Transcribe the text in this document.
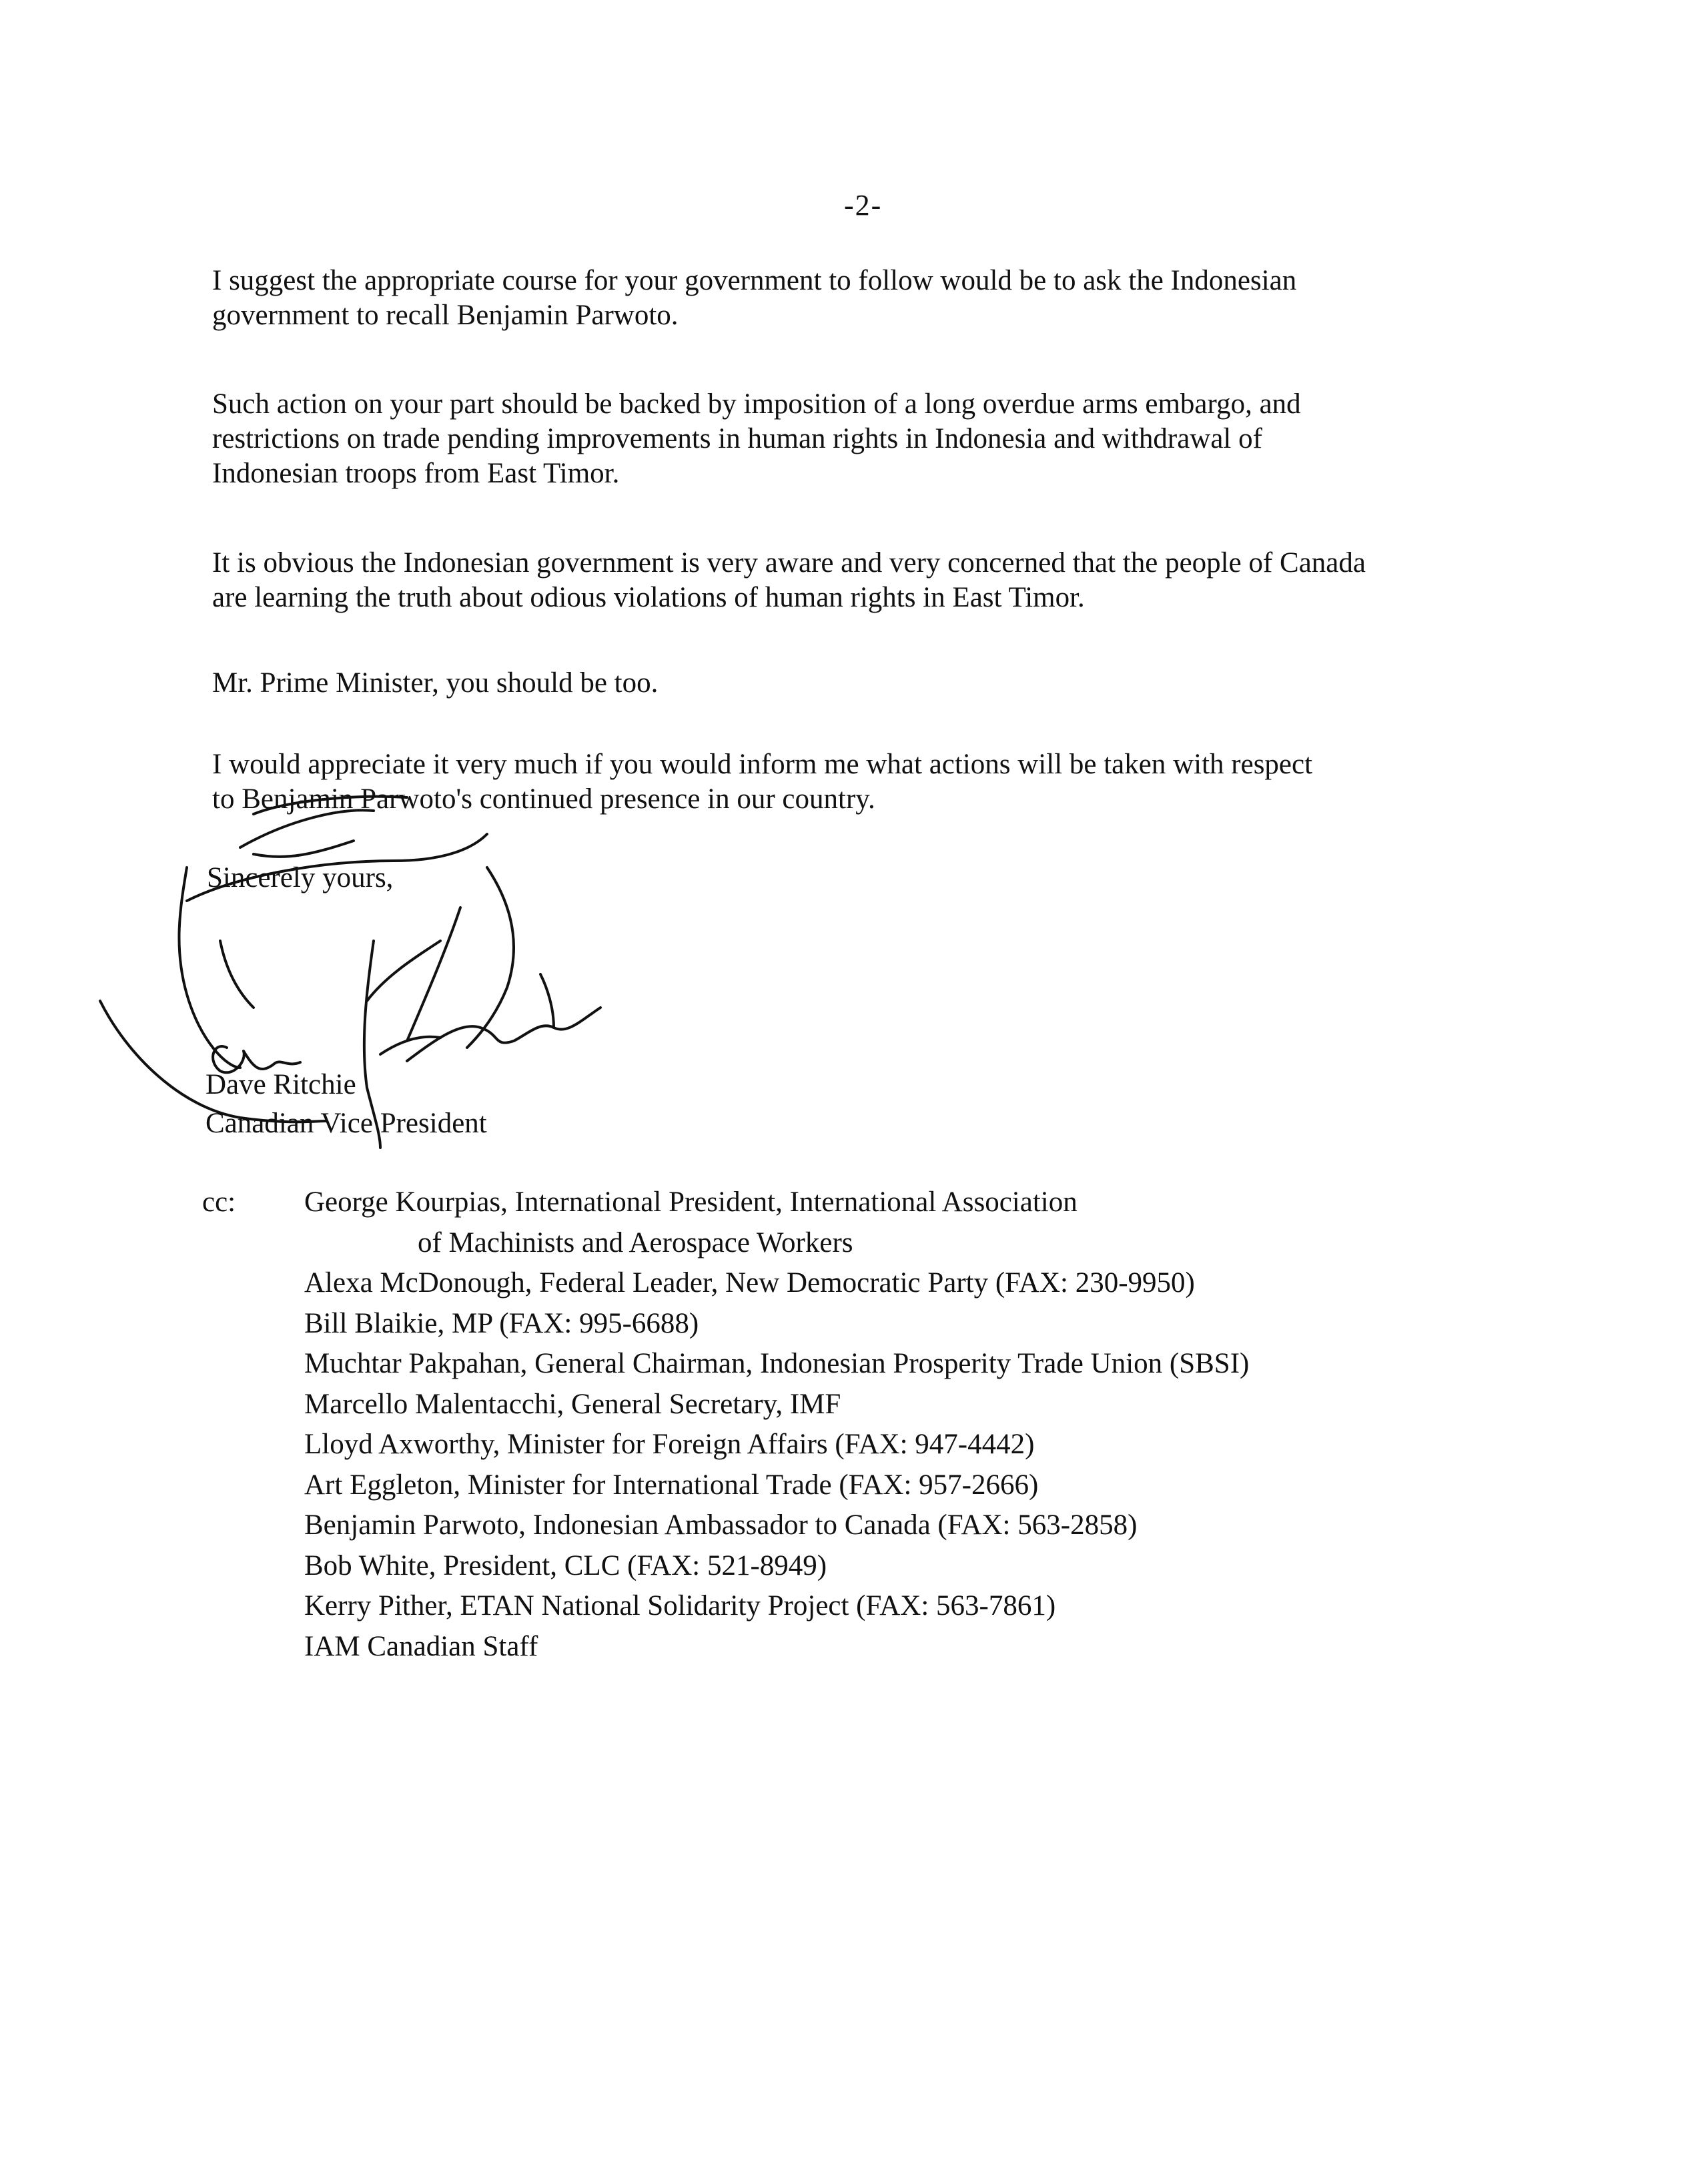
-2-

I suggest the appropriate course for your government to follow would be to ask the Indonesian
government to recall Benjamin Parwoto.

Such action on your part should be backed by imposition of a long overdue arms embargo, and
restrictions on trade pending improvements in human rights in Indonesia and withdrawal of
Indonesian troops from East Timor.

It is obvious the Indonesian government is very aware and very concerned that the people of Canada
are learning the truth about odious violations of human rights in East Timor.

Mr. Prime Minister, you should be too.

I would appreciate it very much if you would inform me what actions will be taken with respect
to Benjamin Parwoto's continued presence in our country.

Sincerely yours,
Dave Ritchie
Canadian Vice President
cc: George Kourpias, International President, International Association
of Machinists and Aerospace Workers
Alexa McDonough, Federal Leader, New Democratic Party (FAX: 230-9950)
Bill Blaikie, MP (FAX: 995-6688)
Muchtar Pakpahan, General Chairman, Indonesian Prosperity Trade Union (SBSI)
Marcello Malentacchi, General Secretary, IMF
Lloyd Axworthy, Minister for Foreign Affairs (FAX: 947-4442)
Art Eggleton, Minister for International Trade (FAX: 957-2666)
Benjamin Parwoto, Indonesian Ambassador to Canada (FAX: 563-2858)
Bob White, President, CLC (FAX: 521-8949)
Kerry Pither, ETAN National Solidarity Project (FAX: 563-7861)
IAM Canadian Staff
